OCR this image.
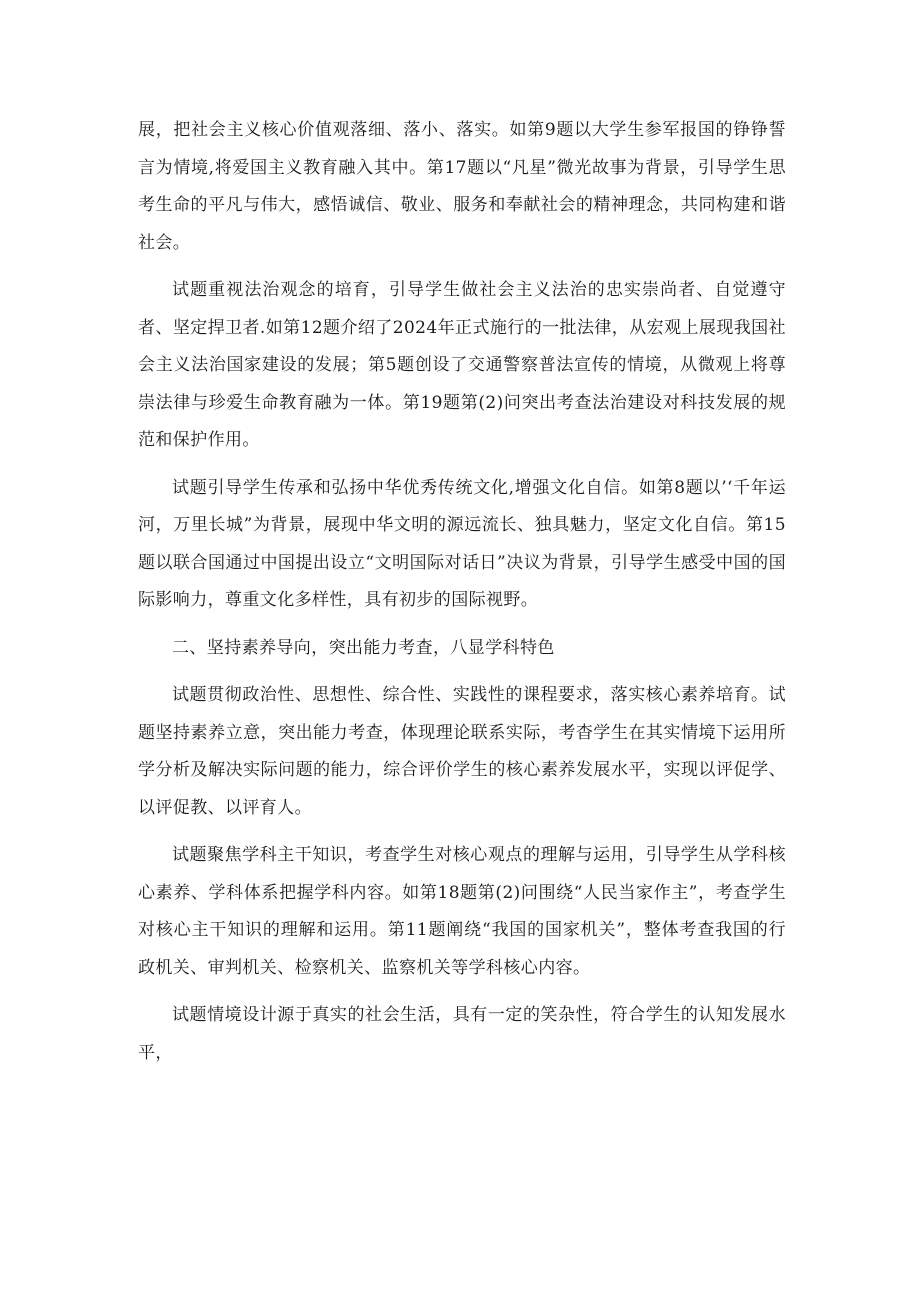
展，把社会主义核心价值观落细、落小、落实。如第9题以大学生参军报国的铮铮誓言为情境,将爱国主义教育融入其中。第17题以“凡星”微光故事为背景，引导学生思考生命的平凡与伟大，感悟诚信、敬业、服务和奉献社会的精神理念，共同构建和谐社会。

试题重视法治观念的培育，引导学生做社会主义法治的忠实崇尚者、自觉遵守者、坚定捍卫者.如第12题介绍了2024年正式施行的一批法律，从宏观上展现我国社会主义法治国家建设的发展；第5题创设了交通警察普法宣传的情境，从微观上将尊崇法律与珍爱生命教育融为一体。第19题第(2)问突出考查法治建设对科技发展的规范和保护作用。

试题引导学生传承和弘扬中华优秀传统文化,增强文化自信。如第8题以’‘千年运河，万里长城”为背景，展现中华文明的源远流长、独具魅力，坚定文化自信。第15题以联合国通过中国提出设立“文明国际对话日”决议为背景，引导学生感受中国的国际影响力，尊重文化多样性，具有初步的国际视野。

二、坚持素养导向，突出能力考査，八显学科特色

试题贯彻政治性、思想性、综合性、实践性的课程要求，落实核心素养培育。试题坚持素养立意，突出能力考查，体现理论联系实际，考杳学生在其实情境下运用所学分析及解决实际问题的能力，综合评价学生的核心素养发展水平，实现以评促学、以评促教、以评育人。

试题聚焦学科主干知识，考查学生对核心观点的理解与运用，引导学生从学科核心素养、学科体系把握学科内容。如第18题第(2)问围绕“人民当家作主”，考查学生对核心主干知识的理解和运用。第11题阐绕“我国的国家机关”，整体考查我国的行政机关、审判机关、检察机关、监察机关等学科核心内容。

试题情境设计源于真实的社会生活，具有一定的笑杂性，符合学生的认知发展水平，
